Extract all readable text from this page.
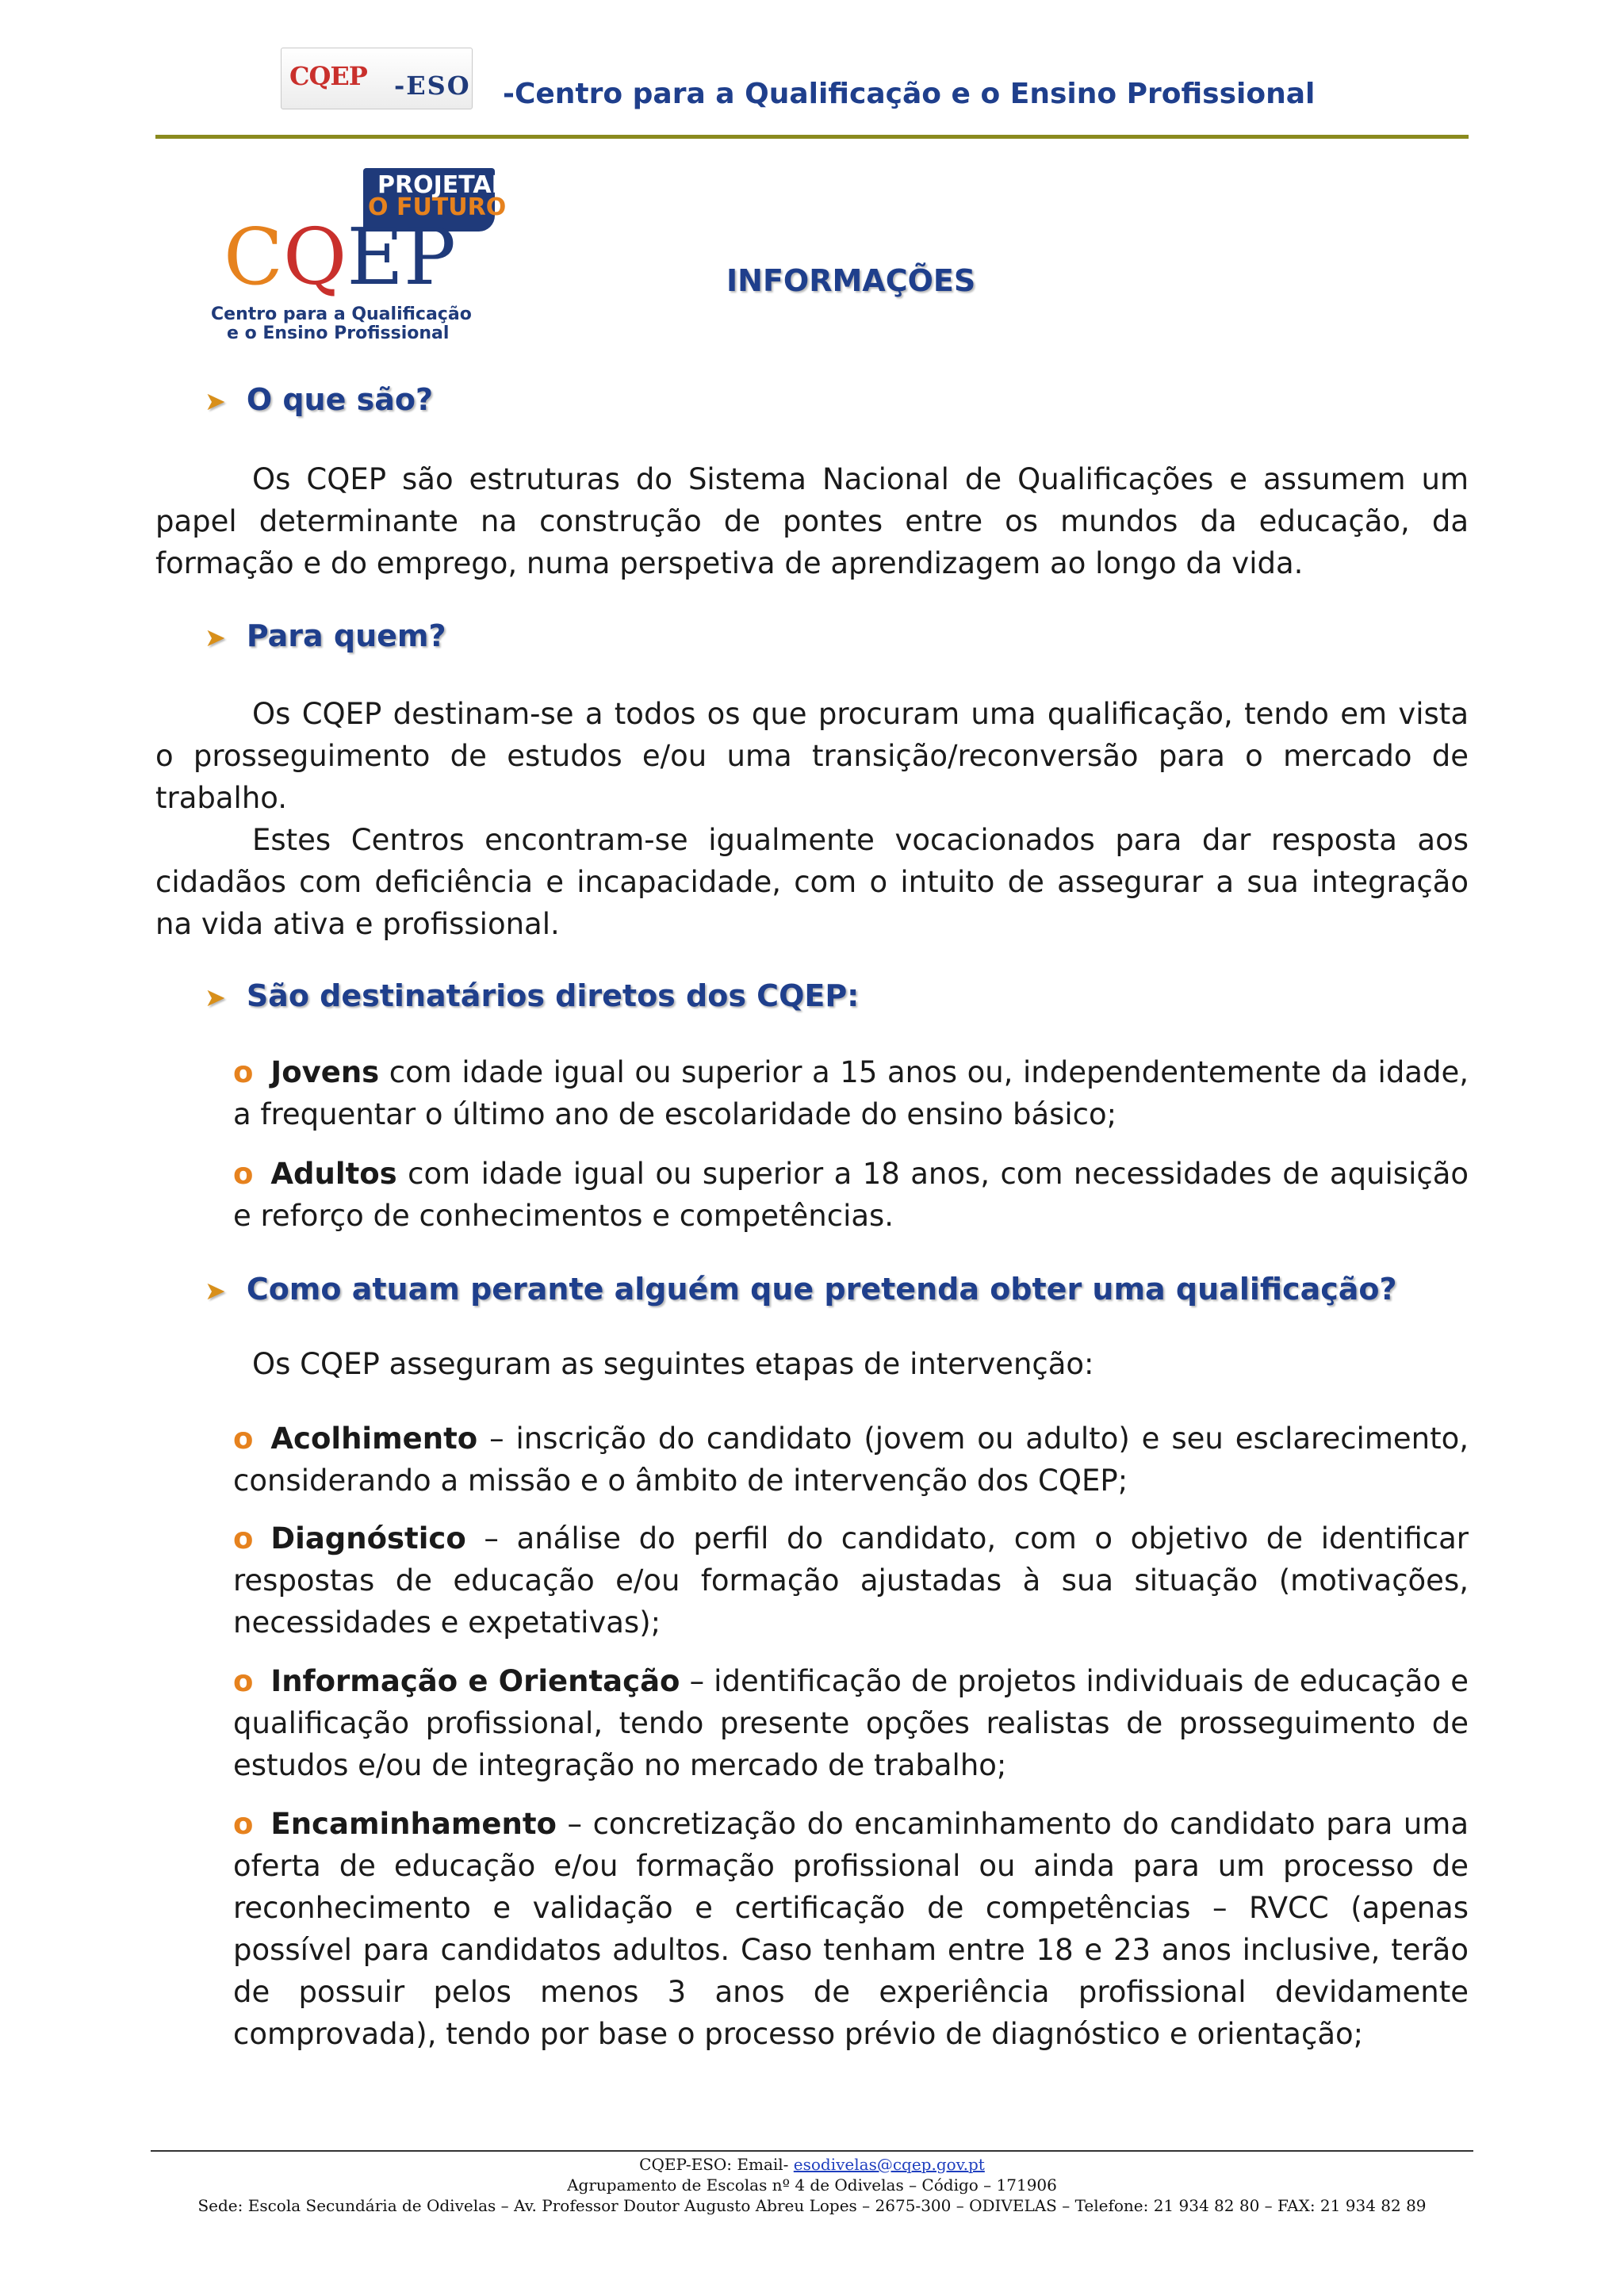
CQEP -ESO -Centro para a Qualificação e o Ensino Profissional
PROJETAR
O FUTURO
CQEP
Centro para a Qualificação
e o Ensino Profissional
INFORMAÇÕES
➤ O que são?
Os CQEP são estruturas do Sistema Nacional de Qualificações e assumem um papel determinante na construção de pontes entre os mundos da educação, da formação e do emprego, numa perspetiva de aprendizagem ao longo da vida.
➤ Para quem?
Os CQEP destinam-se a todos os que procuram uma qualificação, tendo em vista o prosseguimento de estudos e/ou uma transição/reconversão para o mercado de trabalho.
Estes Centros encontram-se igualmente vocacionados para dar resposta aos cidadãos com deficiência e incapacidade, com o intuito de assegurar a sua integração na vida ativa e profissional.
➤ São destinatários diretos dos CQEP:
o Jovens com idade igual ou superior a 15 anos ou, independentemente da idade, a frequentar o último ano de escolaridade do ensino básico;
o Adultos com idade igual ou superior a 18 anos, com necessidades de aquisição e reforço de conhecimentos e competências.
➤ Como atuam perante alguém que pretenda obter uma qualificação?
Os CQEP asseguram as seguintes etapas de intervenção:
o Acolhimento – inscrição do candidato (jovem ou adulto) e seu esclarecimento, considerando a missão e o âmbito de intervenção dos CQEP;
o Diagnóstico – análise do perfil do candidato, com o objetivo de identificar respostas de educação e/ou formação ajustadas à sua situação (motivações, necessidades e expetativas);
o Informação e Orientação – identificação de projetos individuais de educação e qualificação profissional, tendo presente opções realistas de prosseguimento de estudos e/ou de integração no mercado de trabalho;
o Encaminhamento – concretização do encaminhamento do candidato para uma oferta de educação e/ou formação profissional ou ainda para um processo de reconhecimento e validação e certificação de competências – RVCC (apenas possível para candidatos adultos. Caso tenham entre 18 e 23 anos inclusive, terão de possuir pelos menos 3 anos de experiência profissional devidamente comprovada), tendo por base o processo prévio de diagnóstico e orientação;
CQEP-ESO: Email- esodivelas@cqep.gov.pt
Agrupamento de Escolas nº 4 de Odivelas – Código – 171906
Sede: Escola Secundária de Odivelas – Av. Professor Doutor Augusto Abreu Lopes – 2675-300 – ODIVELAS – Telefone: 21 934 82 80 – FAX: 21 934 82 89
